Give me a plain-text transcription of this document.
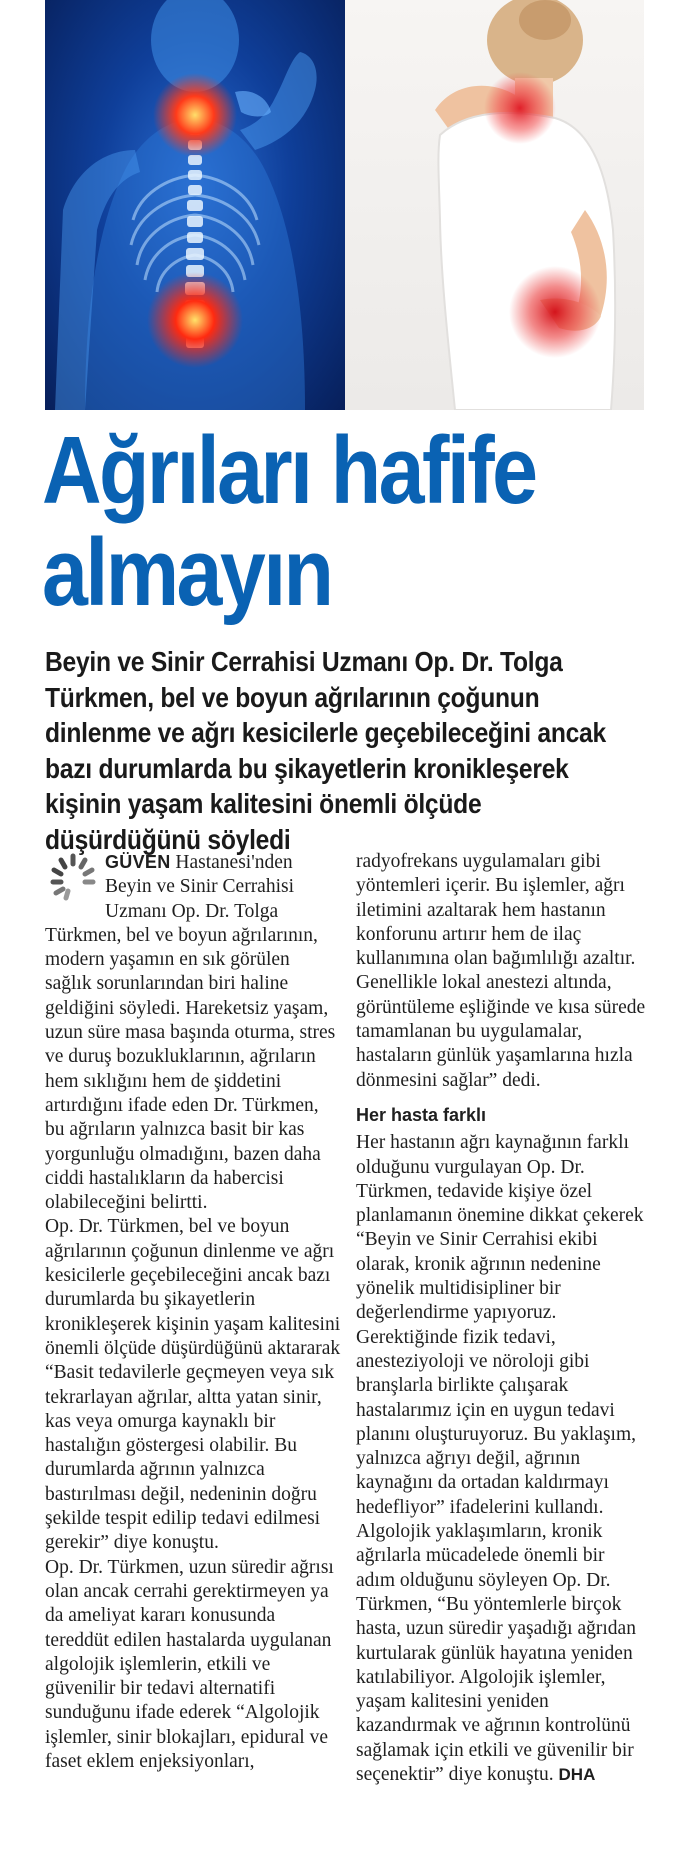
Ağrıları hafife
almayın

Beyin ve Sinir Cerrahisi Uzmanı Op. Dr. Tolga Türkmen, bel ve boyun ağrılarının çoğunun dinlenme ve ağrı kesicilerle geçebileceğini ancak bazı durumlarda bu şikayetlerin kronikleşerek kişinin yaşam kalitesini önemli ölçüde düşürdüğünü söyledi

GÜVEN Hastanesi'nden Beyin ve Sinir Cerrahisi Uzmanı Op. Dr. Tolga Türkmen, bel ve boyun ağrılarının, modern yaşamın en sık görülen sağlık sorunlarından biri haline geldiğini söyledi. Hareketsiz yaşam, uzun süre masa başında oturma, stres ve duruş bozukluklarının, ağrıların hem sıklığını hem de şiddetini artırdığını ifade eden Dr. Türkmen, bu ağrıların yalnızca basit bir kas yorgunluğu olmadığını, bazen daha ciddi hastalıkların da habercisi olabileceğini belirtti.

Op. Dr. Türkmen, bel ve boyun ağrılarının çoğunun dinlenme ve ağrı kesicilerle geçebileceğini ancak bazı durumlarda bu şikayetlerin kronikleşerek kişinin yaşam kalitesini önemli ölçüde düşürdüğünü aktararak “Basit tedavilerle geçmeyen veya sık tekrarlayan ağrılar, altta yatan sinir, kas veya omurga kaynaklı bir hastalığın göstergesi olabilir. Bu durumlarda ağrının yalnızca bastırılması değil, nedeninin doğru şekilde tespit edilip tedavi edilmesi gerekir” diye konuştu.

Op. Dr. Türkmen, uzun süredir ağrısı olan ancak cerrahi gerektirmeyen ya da ameliyat kararı konusunda tereddüt edilen hastalarda uygulanan algolojik işlemlerin, etkili ve güvenilir bir tedavi alternatifi sunduğunu ifade ederek “Algolojik işlemler, sinir blokajları, epidural ve faset eklem enjeksiyonları,

radyofrekans uygulamaları gibi yöntemleri içerir. Bu işlemler, ağrı iletimini azaltarak hem hastanın konforunu artırır hem de ilaç kullanımına olan bağımlılığı azaltır. Genellikle lokal anestezi altında, görüntüleme eşliğinde ve kısa sürede tamamlanan bu uygulamalar, hastaların günlük yaşamlarına hızla dönmesini sağlar” dedi.

Her hasta farklı

Her hastanın ağrı kaynağının farklı olduğunu vurgulayan Op. Dr. Türkmen, tedavide kişiye özel planlamanın önemine dikkat çekerek “Beyin ve Sinir Cerrahisi ekibi olarak, kronik ağrının nedenine yönelik multidisipliner bir değerlendirme yapıyoruz. Gerektiğinde fizik tedavi, anesteziyoloji ve nöroloji gibi branşlarla birlikte çalışarak hastalarımız için en uygun tedavi planını oluşturuyoruz. Bu yaklaşım, yalnızca ağrıyı değil, ağrının kaynağını da ortadan kaldırmayı hedefliyor” ifadelerini kullandı.

Algolojik yaklaşımların, kronik ağrılarla mücadelede önemli bir adım olduğunu söyleyen Op. Dr. Türkmen, “Bu yöntemlerle birçok hasta, uzun süredir yaşadığı ağrıdan kurtularak günlük hayatına yeniden katılabiliyor. Algolojik işlemler, yaşam kalitesini yeniden kazandırmak ve ağrının kontrolünü sağlamak için etkili ve güvenilir bir seçenektir” diye konuştu. DHA
